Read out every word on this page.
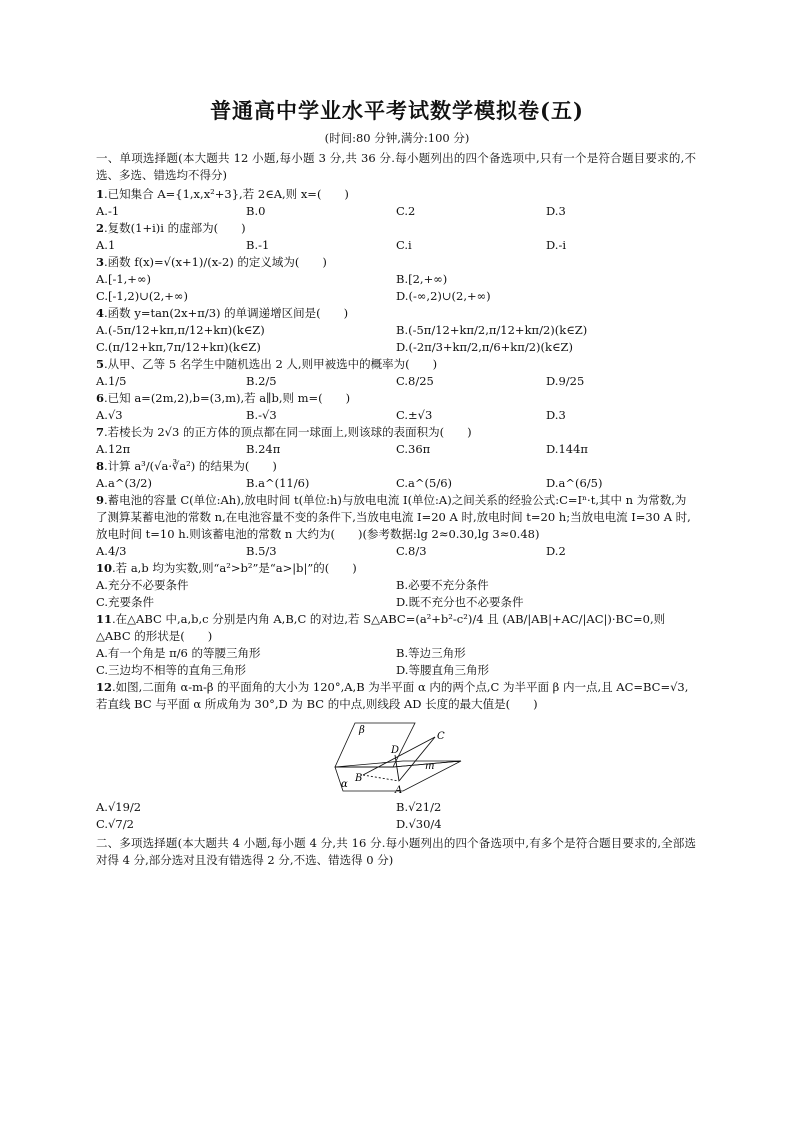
普通高中学业水平考试数学模拟卷(五)
(时间:80 分钟,满分:100 分)
一、单项选择题(本大题共 12 小题,每小题 3 分,共 36 分.每小题列出的四个备选项中,只有一个是符合题目要求的,不选、多选、错选均不得分)
1.已知集合 A={1,x,x²+3},若 2∈A,则 x=(　　)
A.-1	B.0	C.2	D.3
2.复数(1+i)i 的虚部为(　　)
A.1	B.-1	C.i	D.-i
3.函数 f(x)=√(x+1)/(x-2) 的定义域为(　　)
A.[-1,+∞)	B.[2,+∞)
C.[-1,2)∪(2,+∞)	D.(-∞,2)∪(2,+∞)
4.函数 y=tan(2x+π/3) 的单调递增区间是(　　)
A.(-5π/12+kπ,π/12+kπ)(k∈Z)	B.(-5π/12+kπ/2,π/12+kπ/2)(k∈Z)
C.(π/12+kπ,7π/12+kπ)(k∈Z)	D.(-2π/3+kπ/2,π/6+kπ/2)(k∈Z)
5.从甲、乙等 5 名学生中随机选出 2 人,则甲被选中的概率为(　　)
A.1/5	B.2/5	C.8/25	D.9/25
6.已知 a=(2m,2),b=(3,m),若 a∥b,则 m=(　　)
A.√3	B.-√3	C.±√3	D.3
7.若棱长为 2√3 的正方体的顶点都在同一球面上,则该球的表面积为(　　)
A.12π	B.24π	C.36π	D.144π
8.计算 a³/(√a·∛a²) 的结果为(　　)
A.a^(3/2)	B.a^(11/6)	C.a^(5/6)	D.a^(6/5)
9.蓄电池的容量 C(单位:Ah),放电时间 t(单位:h)与放电电流 I(单位:A)之间关系的经验公式:C=Iⁿ·t,其中 n 为常数,为了测算某蓄电池的常数 n,在电池容量不变的条件下,当放电电流 I=20 A 时,放电时间 t=20 h;当放电电流 I=30 A 时,放电时间 t=10 h.则该蓄电池的常数 n 大约为(　　)(参考数据:lg 2≈0.30,lg 3≈0.48)
A.4/3	B.5/3	C.8/3	D.2
10.若 a,b 均为实数,则“a²>b²”是“a>|b|”的(　　)
A.充分不必要条件	B.必要不充分条件
C.充要条件	D.既不充分也不必要条件
11.在△ABC 中,a,b,c 分别是内角 A,B,C 的对边,若 S△ABC=(a²+b²-c²)/4 且 (AB/|AB|+AC/|AC|)·BC=0,则△ABC 的形状是(　　)
A.有一个角是 π/6 的等腰三角形	B.等边三角形
C.三边均不相等的直角三角形	D.等腰直角三角形
12.如图,二面角 α-m-β 的平面角的大小为 120°,A,B 为半平面 α 内的两个点,C 为半平面 β 内一点,且 AC=BC=√3,若直线 BC 与平面 α 所成角为 30°,D 为 BC 的中点,则线段 AD 长度的最大值是(　　)
β
α
m
A
B
C
D
A.√19/2	B.√21/2
C.√7/2	D.√30/4
二、多项选择题(本大题共 4 小题,每小题 4 分,共 16 分.每小题列出的四个备选项中,有多个是符合题目要求的,全部选对得 4 分,部分选对且没有错选得 2 分,不选、错选得 0 分)
